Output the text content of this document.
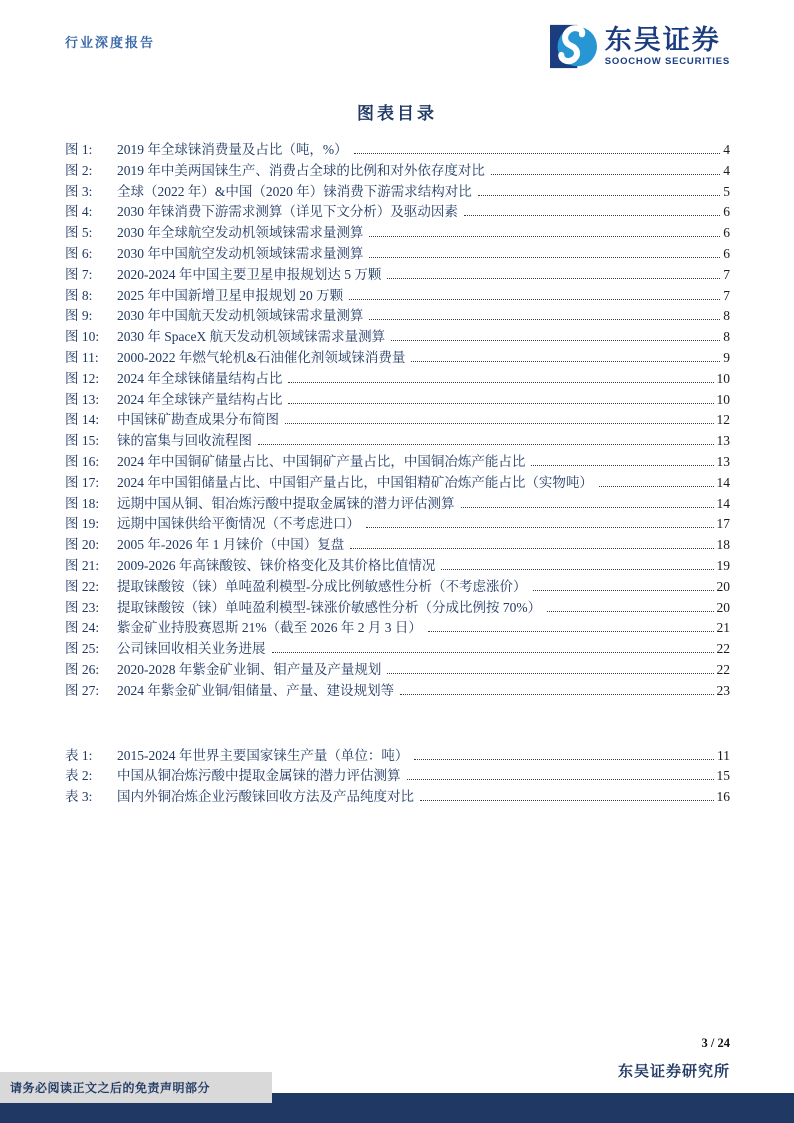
行业深度报告	东吴证券
SOOCHOW SECURITIES
图表目录
图 1:	2019 年全球铼消费量及占比（吨，%）	4
图 2:	2019 年中美两国铼生产、消费占全球的比例和对外依存度对比	4
图 3:	全球（2022 年）&中国（2020 年）铼消费下游需求结构对比	5
图 4:	2030 年铼消费下游需求测算（详见下文分析）及驱动因素	6
图 5:	2030 年全球航空发动机领域铼需求量测算	6
图 6:	2030 年中国航空发动机领域铼需求量测算	6
图 7:	2020-2024 年中国主要卫星申报规划达 5 万颗	7
图 8:	2025 年中国新增卫星申报规划 20 万颗	7
图 9:	2030 年中国航天发动机领域铼需求量测算	8
图 10:	2030 年 SpaceX 航天发动机领域铼需求量测算	8
图 11:	2000-2022 年燃气轮机&石油催化剂领域铼消费量	9
图 12:	2024 年全球铼储量结构占比	10
图 13:	2024 年全球铼产量结构占比	10
图 14:	中国铼矿勘查成果分布简图	12
图 15:	铼的富集与回收流程图	13
图 16:	2024 年中国铜矿储量占比、中国铜矿产量占比，中国铜冶炼产能占比	13
图 17:	2024 年中国钼储量占比、中国钼产量占比，中国钼精矿冶炼产能占比（实物吨）	14
图 18:	远期中国从铜、钼冶炼污酸中提取金属铼的潜力评估测算	14
图 19:	远期中国铼供给平衡情况（不考虑进口）	17
图 20:	2005 年-2026 年 1 月铼价（中国）复盘	18
图 21:	2009-2026 年高铼酸铵、铼价格变化及其价格比值情况	19
图 22:	提取铼酸铵（铼）单吨盈利模型-分成比例敏感性分析（不考虑涨价）	20
图 23:	提取铼酸铵（铼）单吨盈利模型-铼涨价敏感性分析（分成比例按 70%）	20
图 24:	紫金矿业持股赛恩斯 21%（截至 2026 年 2 月 3 日）	21
图 25:	公司铼回收相关业务进展	22
图 26:	2020-2028 年紫金矿业铜、钼产量及产量规划	22
图 27:	2024 年紫金矿业铜/钼储量、产量、建设规划等	23
表 1:	2015-2024 年世界主要国家铼生产量（单位：吨）	11
表 2:	中国从铜冶炼污酸中提取金属铼的潜力评估测算	15
表 3:	国内外铜冶炼企业污酸铼回收方法及产品纯度对比	16
3 / 24
东吴证券研究所
请务必阅读正文之后的免责声明部分
